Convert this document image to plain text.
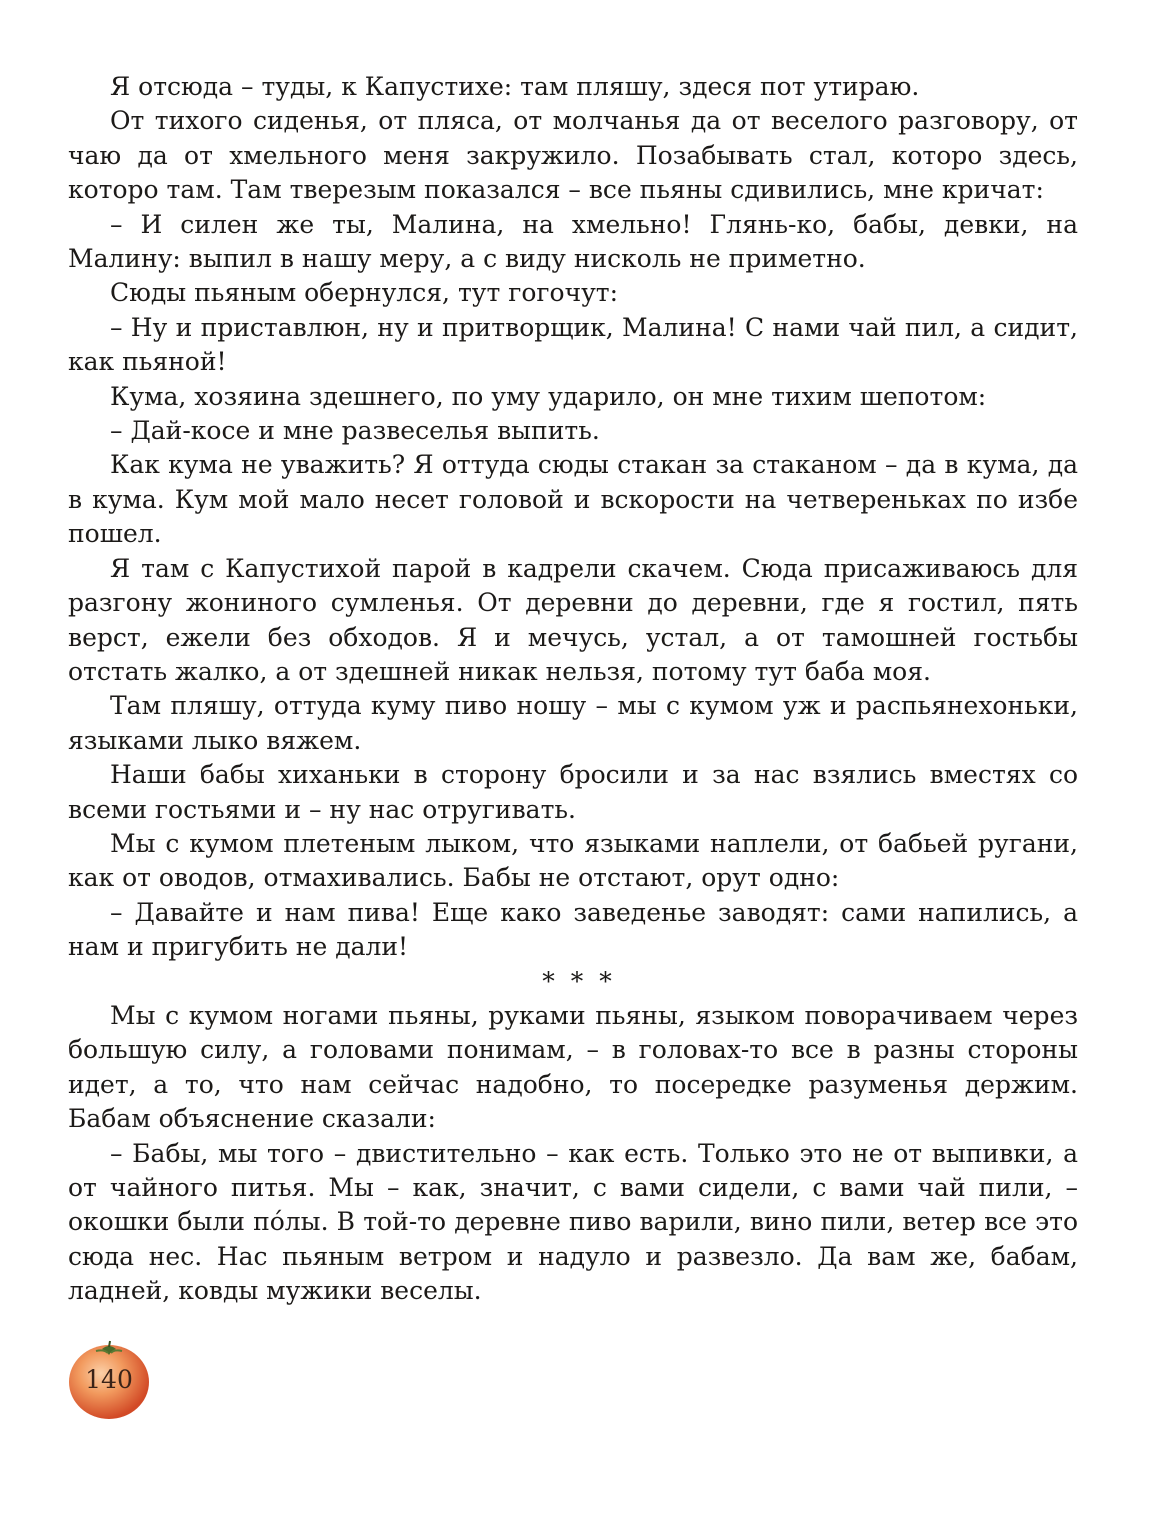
Я отсюда – туды, к Капустихе: там пляшу, здеся пот утираю.

От тихого сиденья, от пляса, от молчанья да от веселого разговору, от чаю да от хмельного меня закружило. Позабывать стал, которо здесь, которо там. Там тверезым показался – все пьяны сдивились, мне кричат:

– И силен же ты, Малина, на хмельно! Глянь-ко, бабы, девки, на Малину: выпил в нашу меру, а с виду нисколь не приметно.

Сюды пьяным обернулся, тут гогочут:

– Ну и приставлюн, ну и притворщик, Малина! С нами чай пил, а сидит, как пьяной!

Кума, хозяина здешнего, по уму ударило, он мне тихим шепотом:

– Дай-косе и мне развеселья выпить.

Как кума не уважить? Я оттуда сюды стакан за стаканом – да в кума, да в кума. Кум мой мало несет головой и вскорости на четвереньках по избе пошел.

Я там с Капустихой парой в кадрели скачем. Сюда присаживаюсь для разгону жониного сумленья. От деревни до деревни, где я гостил, пять верст, ежели без обходов. Я и мечусь, устал, а от тамошней гостьбы отстать жалко, а от здешней никак нельзя, потому тут баба моя.

Там пляшу, оттуда куму пиво ношу – мы с кумом уж и распьянехоньки, языками лыко вяжем.

Наши бабы хиханьки в сторону бросили и за нас взялись вместях со всеми гостьями и – ну нас отругивать.

Мы с кумом плетеным лыком, что языками наплели, от бабьей ругани, как от оводов, отмахивались. Бабы не отстают, орут одно:

– Давайте и нам пива! Еще како заведенье заводят: сами напились, а нам и пригубить не дали!

* * *

Мы с кумом ногами пьяны, руками пьяны, языком поворачиваем через большую силу, а головами понимам, – в головах-то все в разны стороны идет, а то, что нам сейчас надобно, то посередке разуменья держим. Бабам объяснение сказали:

– Бабы, мы того – двистительно – как есть. Только это не от выпивки, а от чайного питья. Мы – как, значит, с вами сидели, с вами чай пили, – окошки были пóлы. В той-то деревне пиво варили, вино пили, ветер все это сюда нес. Нас пьяным ветром и надуло и развезло. Да вам же, бабам, ладней, ковды мужики веселы.

140
